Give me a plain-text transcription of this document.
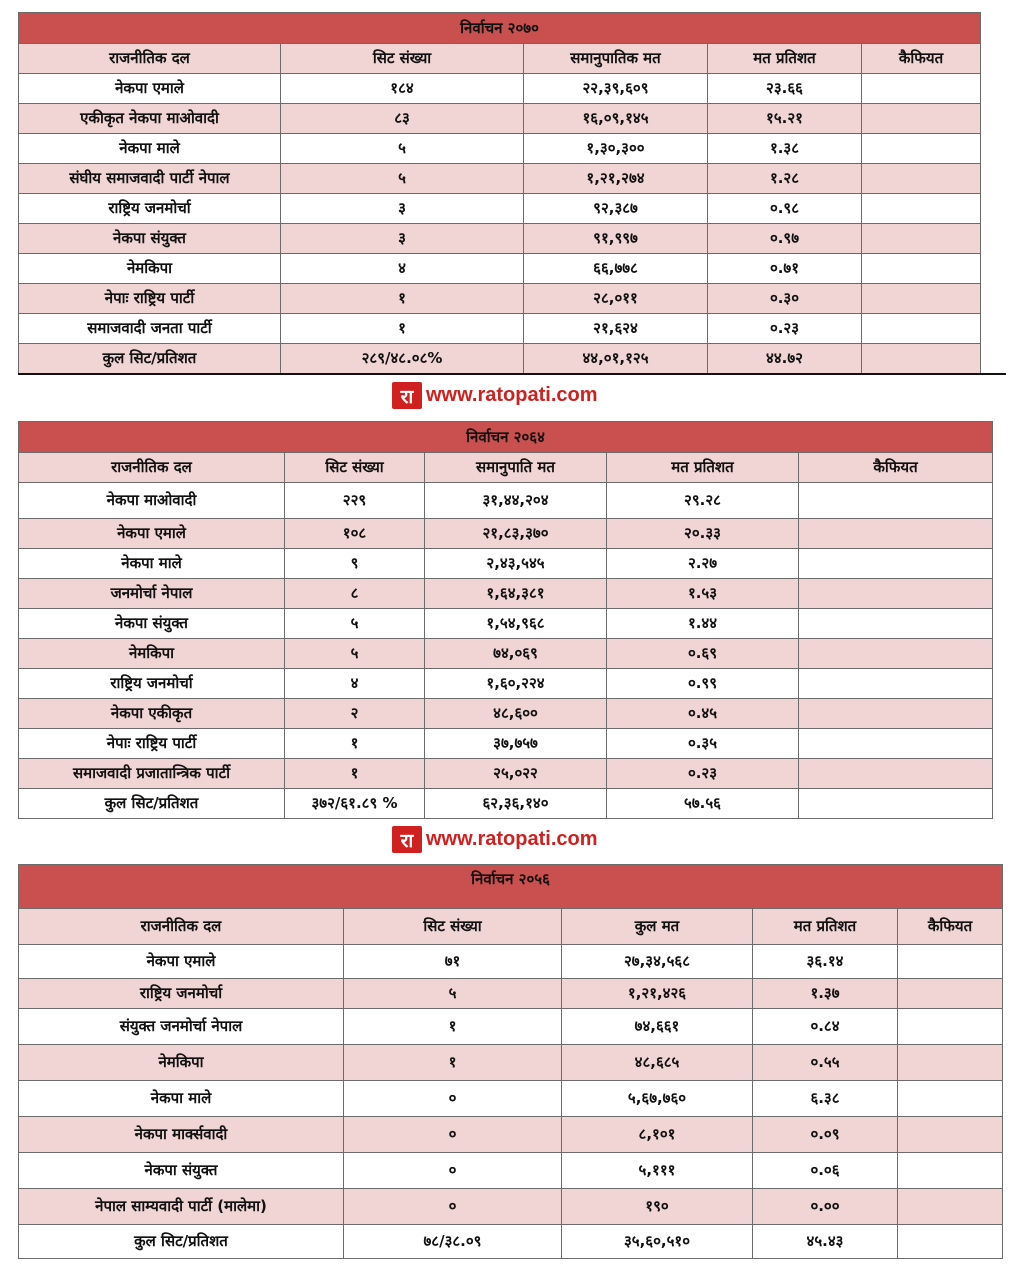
निर्वाचन २०७०				
राजनीतिक दल	सिट संख्या	समानुपातिक मत	मत प्रतिशत	कैफियत
नेकपा एमाले	१८४	२२,३९,६०९	२३.६६	
एकीकृत नेकपा माओवादी	८३	१६,०९,१४५	१५.२१	
नेकपा माले	५	१,३०,३००	१.३८	
संघीय समाजवादी पार्टी नेपाल	५	१,२१,२७४	१.२८	
राष्ट्रिय जनमोर्चा	३	९२,३८७	०.९८	
नेकपा संयुक्त	३	९१,९९७	०.९७	
नेमकिपा	४	६६,७७८	०.७१	
नेपाः राष्ट्रिय पार्टी	१	२८,०११	०.३०	
समाजवादी जनता पार्टी	१	२१,६२४	०.२३	
कुल सिट/प्रतिशत	२८९/४८.०८%	४४,०१,१२५	४४.७२	
रा www.ratopati.com
निर्वाचन २०६४				
राजनीतिक दल	सिट संख्या	समानुपाति मत	मत प्रतिशत	कैफियत
नेकपा माओवादी	२२९	३१,४४,२०४	२९.२८	
नेकपा एमाले	१०८	२१,८३,३७०	२०.३३	
नेकपा माले	९	२,४३,५४५	२.२७	
जनमोर्चा नेपाल	८	१,६४,३८१	१.५३	
नेकपा संयुक्त	५	१,५४,९६८	१.४४	
नेमकिपा	५	७४,०६९	०.६९	
राष्ट्रिय जनमोर्चा	४	१,६०,२२४	०.९९	
नेकपा एकीकृत	२	४८,६००	०.४५	
नेपाः राष्ट्रिय पार्टी	१	३७,७५७	०.३५	
समाजवादी प्रजातान्त्रिक पार्टी	१	२५,०२२	०.२३	
कुल सिट/प्रतिशत	३७२/६१.८९ %	६२,३६,१४०	५७.५६	
रा www.ratopati.com
निर्वाचन २०५६				

राजनीतिक दल	सिट संख्या	कुल मत	मत प्रतिशत	कैफियत
नेकपा एमाले	७१	२७,३४,५६८	३६.१४	
राष्ट्रिय जनमोर्चा	५	१,२१,४२६	१.३७	
संयुक्त जनमोर्चा नेपाल	१	७४,६६१	०.८४	
नेमकिपा	१	४८,६८५	०.५५	
नेकपा माले	०	५,६७,७६०	६.३८	
नेकपा मार्क्सवादी	०	८,१०१	०.०९	
नेकपा संयुक्त	०	५,१११	०.०६	
नेपाल साम्यवादी पार्टी (मालेमा)	०	१९०	०.००	
कुल सिट/प्रतिशत	७८/३८.०९	३५,६०,५१०	४५.४३	
